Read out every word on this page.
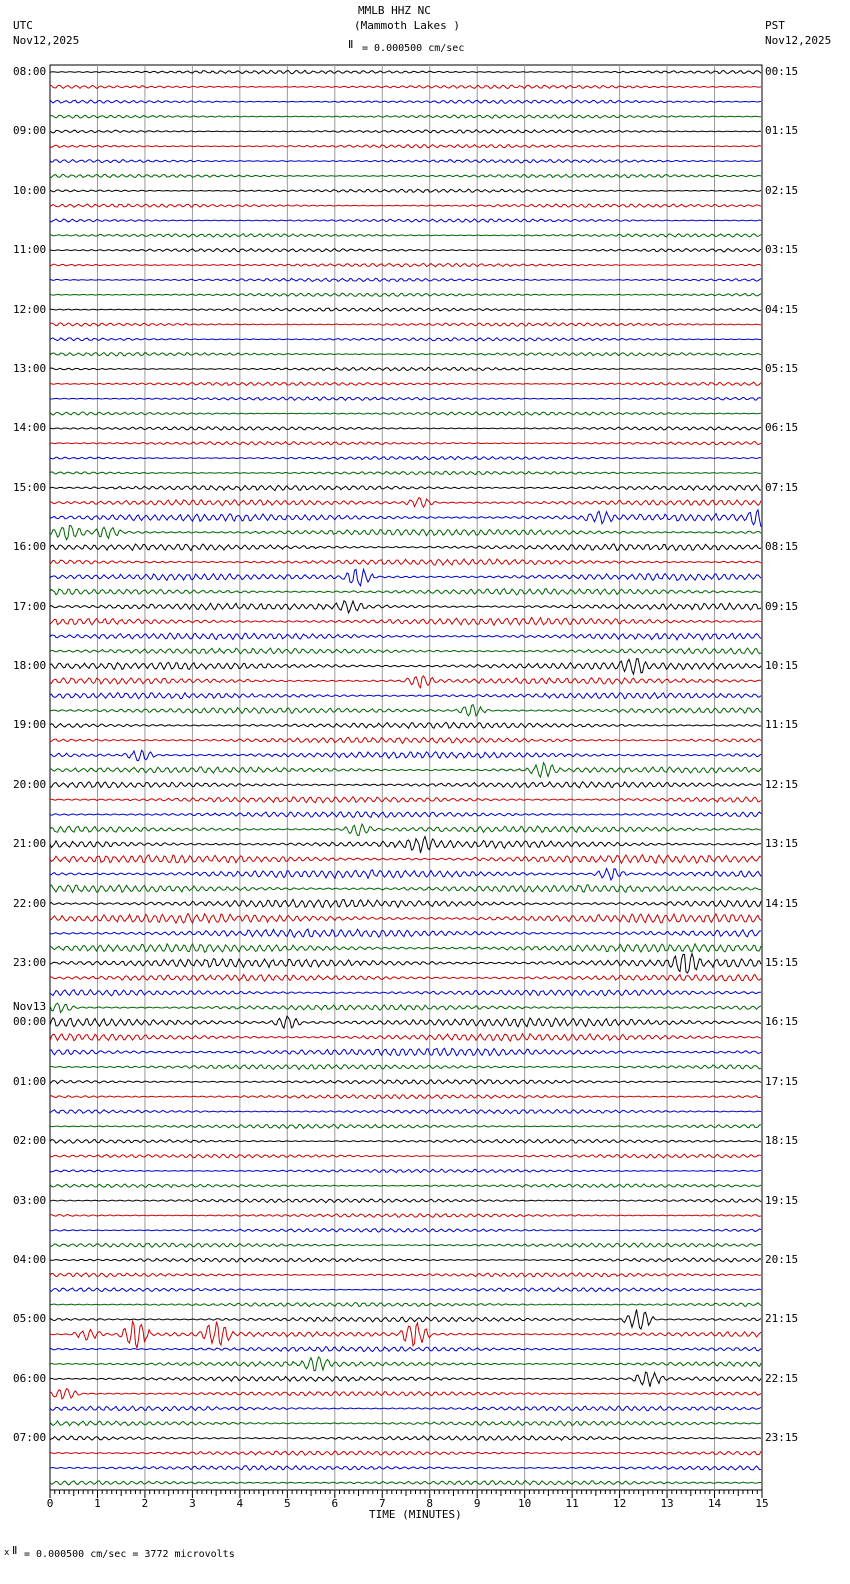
0	1	2	3	4	5	6	7	8	9	10	11	12	13	14	15
MMLB HHZ NC
(Mammoth Lakes )
Ⅱ = 0.000500 cm/sec
UTC
Nov12,2025
PST
Nov12,2025
TIME (MINUTES)
x Ⅱ = 0.000500 cm/sec = 3772 microvolts
08:00
09:00
10:00
11:00
12:00
13:00
14:00
15:00
16:00
17:00
18:00
19:00
20:00
21:00
22:00
23:00
00:00
01:00
02:00
03:00
04:00
05:00
06:00
07:00
Nov13
00:15
01:15
02:15
03:15
04:15
05:15
06:15
07:15
08:15
09:15
10:15
11:15
12:15
13:15
14:15
15:15
16:15
17:15
18:15
19:15
20:15
21:15
22:15
23:15
